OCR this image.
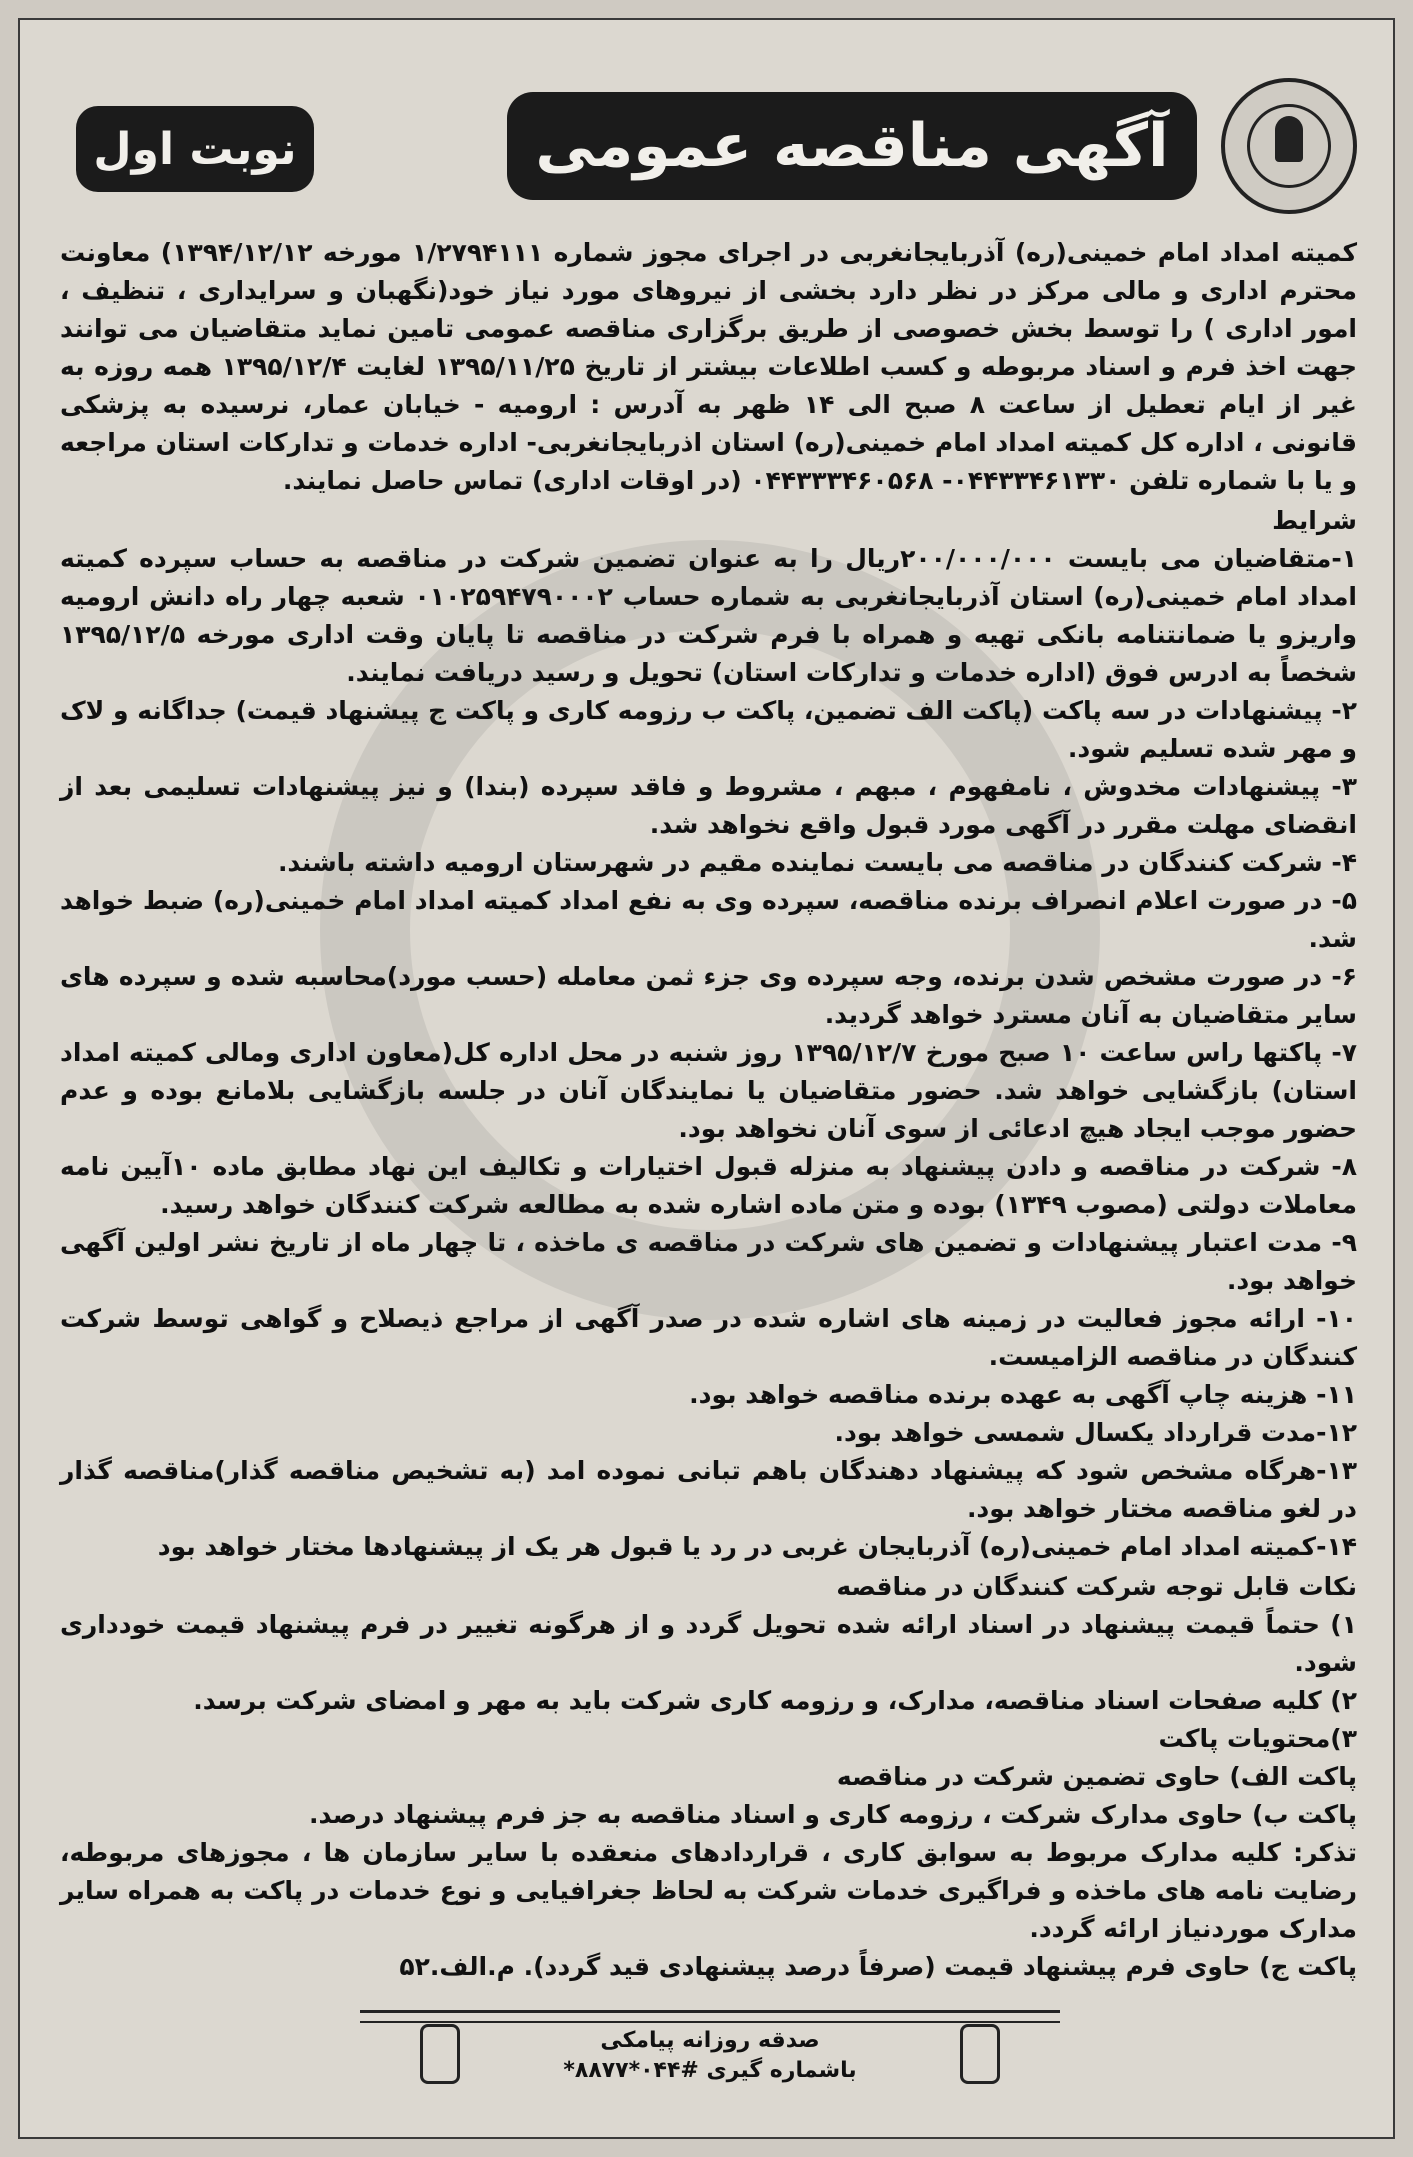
آگهی مناقصه عمومی
نوبت اول

کمیته امداد امام خمینی(ره) آذربایجانغربی در اجرای مجوز شماره ۱/۲۷۹۴۱۱۱ مورخه ۱۳۹۴/۱۲/۱۲) معاونت محترم اداری و مالی مرکز در نظر دارد بخشی از نیروهای مورد نیاز خود(نگهبان و سرایداری ، تنظیف ، امور اداری ) را توسط بخش خصوصی از طریق برگزاری مناقصه عمومی تامین نماید متقاضیان می توانند جهت اخذ فرم و اسناد مربوطه و کسب اطلاعات بیشتر از تاریخ ۱۳۹۵/۱۱/۲۵ لغایت ۱۳۹۵/۱۲/۴ همه روزه به غیر از ایام تعطیل از ساعت ۸ صبح الی ۱۴ ظهر به آدرس : ارومیه - خیابان عمار، نرسیده به پزشکی قانونی ، اداره کل کمیته امداد امام خمینی(ره) استان اذربایجانغربی- اداره خدمات و تدارکات استان مراجعه و یا با شماره تلفن ۰۴۴۳۳۴۶۱۳۳۰- ۰۴۴۳۳۳۴۶۰۵۶۸ (در اوقات اداری) تماس حاصل نمایند.

شرایط

۱-متقاضیان می بایست ۲۰۰/۰۰۰/۰۰۰ریال را به عنوان تضمین شرکت در مناقصه به حساب سپرده کمیته امداد امام خمینی(ره) استان آذربایجانغربی به شماره حساب ۰۱۰۲۵۹۴۷۹۰۰۰۲ شعبه چهار راه دانش ارومیه واریزو یا ضمانتنامه بانکی تهیه و همراه با فرم شرکت در مناقصه تا پایان وقت اداری مورخه ۱۳۹۵/۱۲/۵ شخصاً به ادرس فوق (اداره خدمات و تدارکات استان) تحویل و رسید دریافت نمایند.

۲- پیشنهادات در سه پاکت (پاکت الف تضمین، پاکت ب رزومه کاری و پاکت ج پیشنهاد قیمت) جداگانه و لاک و مهر شده تسلیم شود.

۳- پیشنهادات مخدوش ، نامفهوم ، مبهم ، مشروط و فاقد سپرده (بندا) و نیز پیشنهادات تسلیمی بعد از انقضای مهلت مقرر در آگهی مورد قبول واقع نخواهد شد.

۴- شرکت کنندگان در مناقصه می بایست نماینده مقیم در شهرستان ارومیه داشته باشند.

۵- در صورت اعلام انصراف برنده مناقصه، سپرده وی به نفع امداد کمیته امداد امام خمینی(ره) ضبط خواهد شد.

۶- در صورت مشخص شدن برنده، وجه سپرده وی جزء ثمن معامله (حسب مورد)محاسبه شده و سپرده های سایر متقاضیان به آنان مسترد خواهد گردید.

۷- پاکتها راس ساعت ۱۰ صبح مورخ ۱۳۹۵/۱۲/۷ روز شنبه در محل اداره کل(معاون اداری ومالی کمیته امداد استان) بازگشایی خواهد شد. حضور متقاضیان یا نمایندگان آنان در جلسه بازگشایی بلامانع بوده و عدم حضور موجب ایجاد هیچ ادعائی از سوی آنان نخواهد بود.

۸- شرکت در مناقصه و دادن پیشنهاد به منزله قبول اختیارات و تکالیف این نهاد مطابق ماده ۱۰آیین نامه معاملات دولتی (مصوب ۱۳۴۹) بوده و متن ماده اشاره شده به مطالعه شرکت کنندگان خواهد رسید.

۹- مدت اعتبار پیشنهادات و تضمین های شرکت در مناقصه ی ماخذه ، تا چهار ماه از تاریخ نشر اولین آگهی خواهد بود.

۱۰- ارائه مجوز فعالیت در زمینه های اشاره شده در صدر آگهی از مراجع ذیصلاح و گواهی توسط شرکت کنندگان در مناقصه الزامیست.

۱۱- هزینه چاپ آگهی به عهده برنده مناقصه خواهد بود.

۱۲-مدت قرارداد یکسال شمسی خواهد بود.

۱۳-هرگاه مشخص شود که پیشنهاد دهندگان باهم تبانی نموده امد (به تشخیص مناقصه گذار)مناقصه گذار در لغو مناقصه مختار خواهد بود.

۱۴-کمیته امداد امام خمینی(ره) آذربایجان غربی در رد یا قبول هر یک از پیشنهادها مختار خواهد بود

نکات قابل توجه شرکت کنندگان در مناقصه

۱) حتماً قیمت پیشنهاد در اسناد ارائه شده تحویل گردد و از هرگونه تغییر در فرم پیشنهاد قیمت خودداری شود.

۲) کلیه صفحات اسناد مناقصه، مدارک، و رزومه کاری شرکت باید به مهر و امضای شرکت برسد.

۳)محتویات پاکت

پاکت الف) حاوی تضمین شرکت در مناقصه

پاکت ب) حاوی مدارک شرکت ، رزومه کاری و اسناد مناقصه به جز فرم پیشنهاد درصد.

تذکر: کلیه مدارک مربوط به سوابق کاری ، قراردادهای منعقده با سایر سازمان ها ، مجوزهای مربوطه، رضایت نامه های ماخذه و فراگیری خدمات شرکت به لحاظ جغرافیایی و نوع خدمات در پاکت به همراه سایر مدارک موردنیاز ارائه گردد.

پاکت ج) حاوی فرم پیشنهاد قیمت (صرفاً درصد پیشنهادی قید گردد). م.الف.۵۲

صدقه روزانه پیامکی
باشماره گیری #۰۴۴*۸۸۷۷*
